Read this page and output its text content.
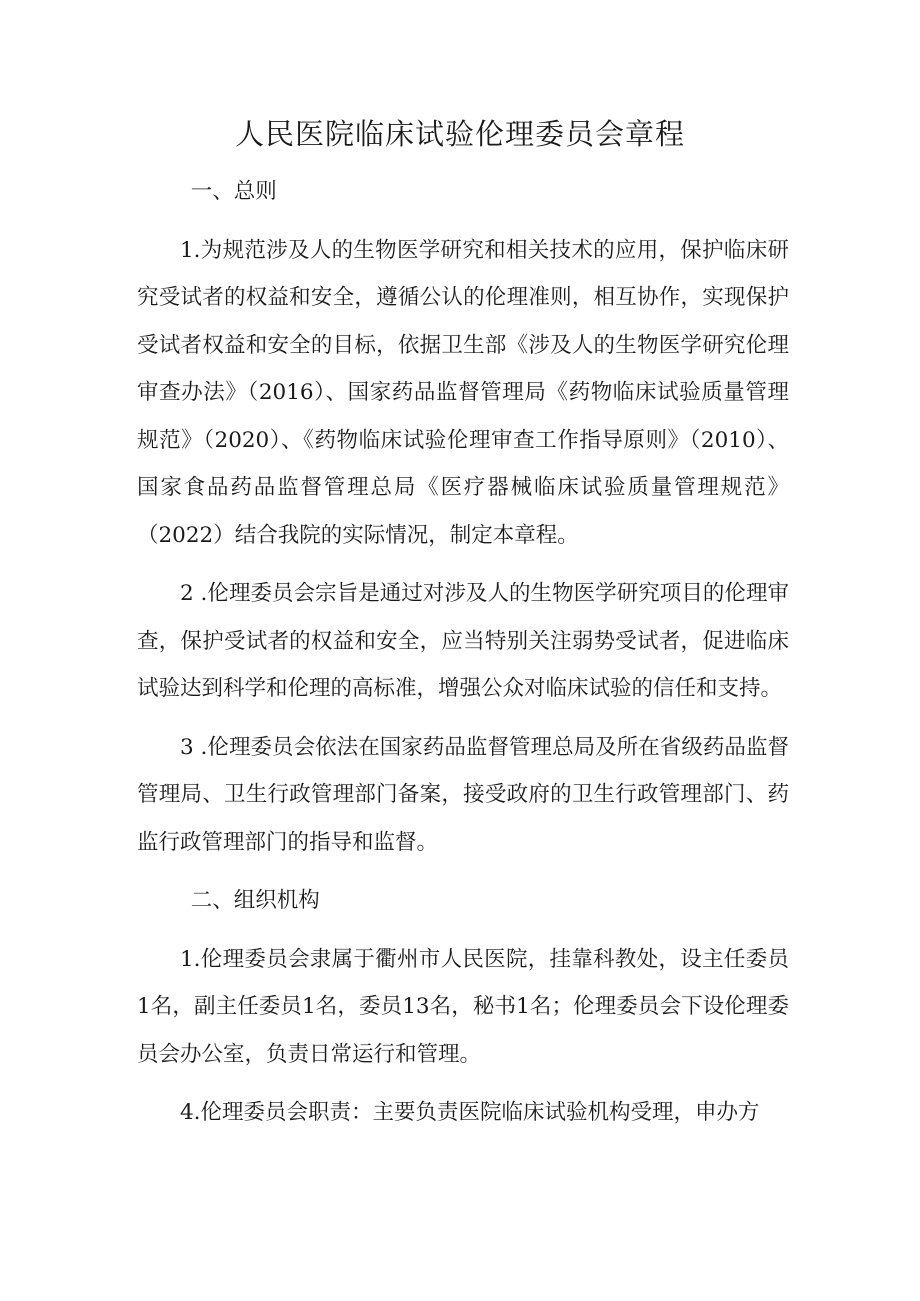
人民医院临床试验伦理委员会章程

一、总则

1.为规范涉及人的生物医学研究和相关技术的应用，保护临床研究受试者的权益和安全，遵循公认的伦理准则，相互协作，实现保护受试者权益和安全的目标，依据卫生部《涉及人的生物医学研究伦理审查办法》（2016）、国家药品监督管理局《药物临床试验质量管理规范》（2020）、《药物临床试验伦理审查工作指导原则》（2010）、国家食品药品监督管理总局《医疗器械临床试验质量管理规范》（2022）结合我院的实际情况，制定本章程。

2 .伦理委员会宗旨是通过对涉及人的生物医学研究项目的伦理审查，保护受试者的权益和安全，应当特别关注弱势受试者，促进临床试验达到科学和伦理的高标准，增强公众对临床试验的信任和支持。

3 .伦理委员会依法在国家药品监督管理总局及所在省级药品监督管理局、卫生行政管理部门备案，接受政府的卫生行政管理部门、药监行政管理部门的指导和监督。

二、组织机构

1.伦理委员会隶属于衢州市人民医院，挂靠科教处，设主任委员1名，副主任委员1名，委员13名，秘书1名；伦理委员会下设伦理委员会办公室，负责日常运行和管理。

4.伦理委员会职责：主要负责医院临床试验机构受理，申办方
